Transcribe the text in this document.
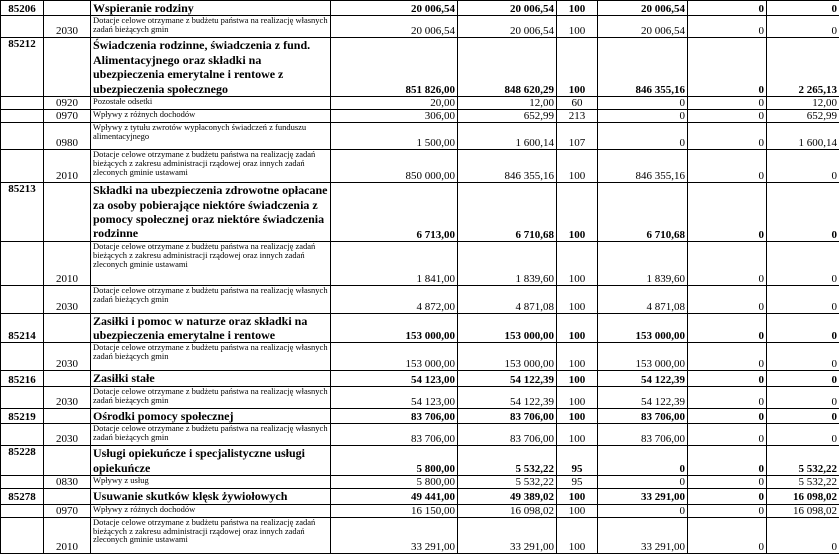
85206		Wspieranie rodziny	20 006,54	20 006,54	100	20 006,54	0	0
	2030	Dotacje celowe otrzymane z budżetu państwa na realizację własnych zadań bieżących gmin	20 006,54	20 006,54	100	20 006,54	0	0
85212		Świadczenia rodzinne, świadczenia z fund. Alimentacyjnego oraz składki na ubezpieczenia emerytalne i rentowe z ubezpieczenia społecznego	851 826,00	848 620,29	100	846 355,16	0	2 265,13
	0920	Pozostałe odsetki	20,00	12,00	60	0	0	12,00
	0970	Wpływy z różnych dochodów	306,00	652,99	213	0	0	652,99
	0980	Wpływy z tytułu zwrotów wypłaconych świadczeń z funduszu alimentacyjnego	1 500,00	1 600,14	107	0	0	1 600,14
	2010	Dotacje celowe otrzymane z budżetu państwa na realizację zadań bieżących z zakresu administracji rządowej oraz innych zadań zleconych gminie ustawami	850 000,00	846 355,16	100	846 355,16	0	0
85213		Składki na ubezpieczenia zdrowotne opłacane za osoby pobierające niektóre świadczenia z pomocy społecznej oraz niektóre świadczenia rodzinne	6 713,00	6 710,68	100	6 710,68	0	0
	2010	Dotacje celowe otrzymane z budżetu państwa na realizację zadań bieżących z zakresu administracji rządowej oraz innych zadań zleconych gminie ustawami	1 841,00	1 839,60	100	1 839,60	0	0
	2030	Dotacje celowe otrzymane z budżetu państwa na realizację własnych zadań bieżących gmin	4 872,00	4 871,08	100	4 871,08	0	0
85214		Zasiłki i pomoc w naturze oraz składki na ubezpieczenia emerytalne i rentowe	153 000,00	153 000,00	100	153 000,00	0	0
	2030	Dotacje celowe otrzymane z budżetu państwa na realizację własnych zadań bieżących gmin	153 000,00	153 000,00	100	153 000,00	0	0
85216		Zasiłki stałe	54 123,00	54 122,39	100	54 122,39	0	0
	2030	Dotacje celowe otrzymane z budżetu państwa na realizację własnych zadań bieżących gmin	54 123,00	54 122,39	100	54 122,39	0	0
85219		Ośrodki pomocy społecznej	83 706,00	83 706,00	100	83 706,00	0	0
	2030	Dotacje celowe otrzymane z budżetu państwa na realizację własnych zadań bieżących gmin	83 706,00	83 706,00	100	83 706,00	0	0
85228		Usługi opiekuńcze i specjalistyczne usługi opiekuńcze	5 800,00	5 532,22	95	0	0	5 532,22
	0830	Wpływy z usług	5 800,00	5 532,22	95	0	0	5 532,22
85278		Usuwanie skutków klęsk żywiołowych	49 441,00	49 389,02	100	33 291,00	0	16 098,02
	0970	Wpływy z różnych dochodów	16 150,00	16 098,02	100	0	0	16 098,02
	2010	Dotacje celowe otrzymane z budżetu państwa na realizację zadań bieżących z zakresu administracji rządowej oraz innych zadań zleconych gminie ustawami	33 291,00	33 291,00	100	33 291,00	0	0
